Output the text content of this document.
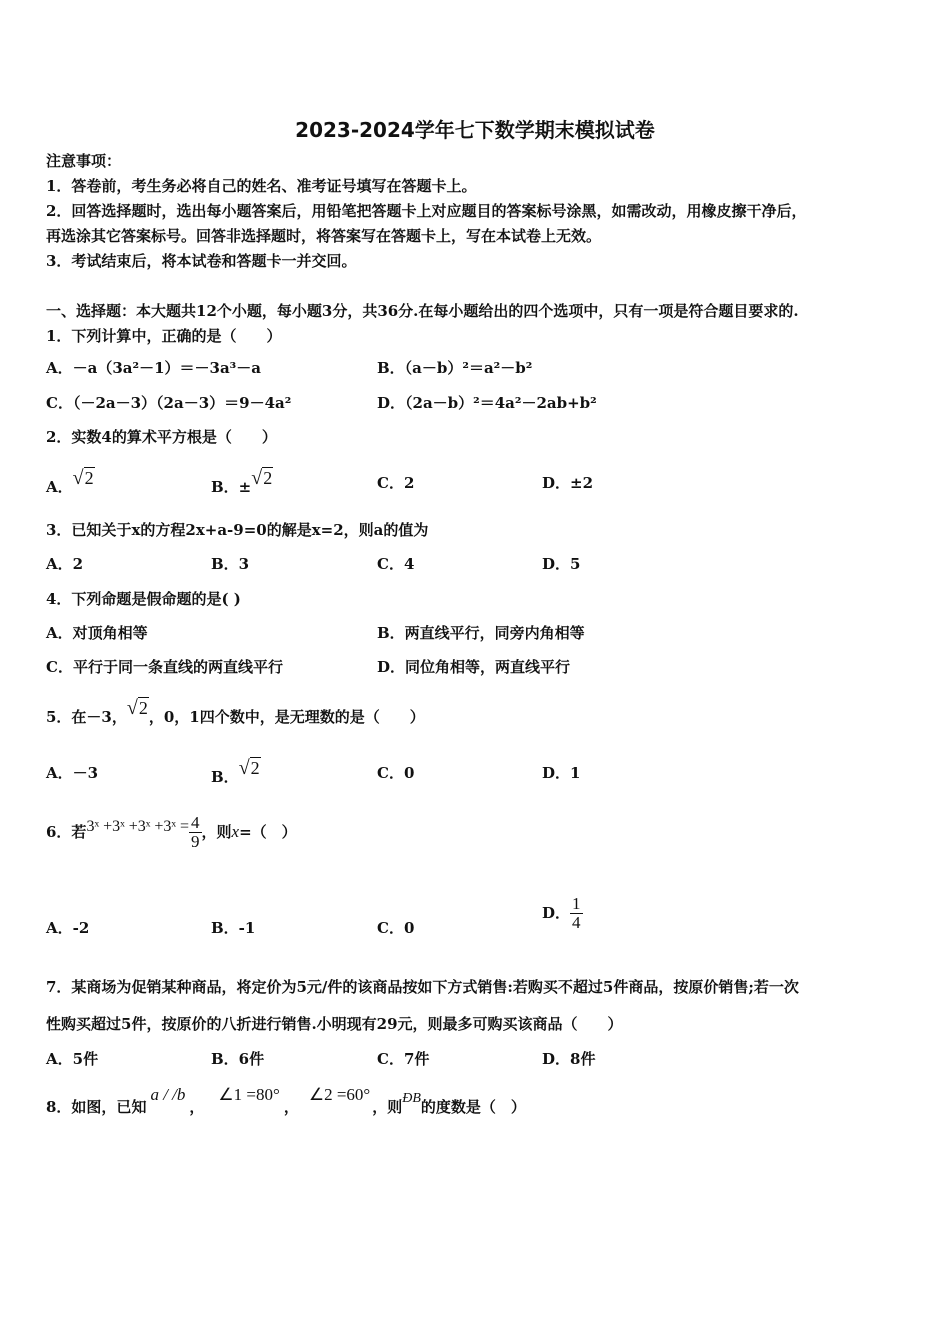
2023-2024学年七下数学期末模拟试卷
注意事项：
1．答卷前，考生务必将自己的姓名、准考证号填写在答题卡上。
2．回答选择题时，选出每小题答案后，用铅笔把答题卡上对应题目的答案标号涂黑，如需改动，用橡皮擦干净后，
再选涂其它答案标号。回答非选择题时，将答案写在答题卡上，写在本试卷上无效。
3．考试结束后，将本试卷和答题卡一并交回。
一、选择题：本大题共12个小题，每小题3分，共36分.在每小题给出的四个选项中，只有一项是符合题目要求的.
1．下列计算中，正确的是（　　）
A．－a（3a²－1）＝－3a³－a	B．（a－b）²＝a²－b²
C．（－2a－3）（2a－3）＝9－4a²	D．（2a－b）²＝4a²－2ab+b²
2．实数4的算术平方根是（　　）
A．√2	B．±√2	C．2	D．±2
3．已知关于x的方程2x+a-9=0的解是x=2，则a的值为
A．2	B．3	C．4	D．5
4．下列命题是假命题的是( )
A．对顶角相等	B．两直线平行，同旁内角相等
C．平行于同一条直线的两直线平行	D．同位角相等，两直线平行
5．在－3，√2，0，1四个数中，是无理数的是（　　）
A．－3	B．√2	C．0	D．1
6．若3ˣ +3ˣ +3ˣ +3ˣ = $\frac{4}{9}$ ，则x=（　）
A．-2	B．-1	C．0
D． $\frac{1}{4}$
7．某商场为促销某种商品，将定价为5元/件的该商品按如下方式销售:若购买不超过5件商品，按原价销售;若一次
性购买超过5件，按原价的八折进行销售.小明现有29元，则最多可购买该商品（　　）
A．5件	B．6件	C．7件	D．8件
8．如图，已知a / /b，∠1 =80°，∠2 =60°，则ÐB的度数是（　）
